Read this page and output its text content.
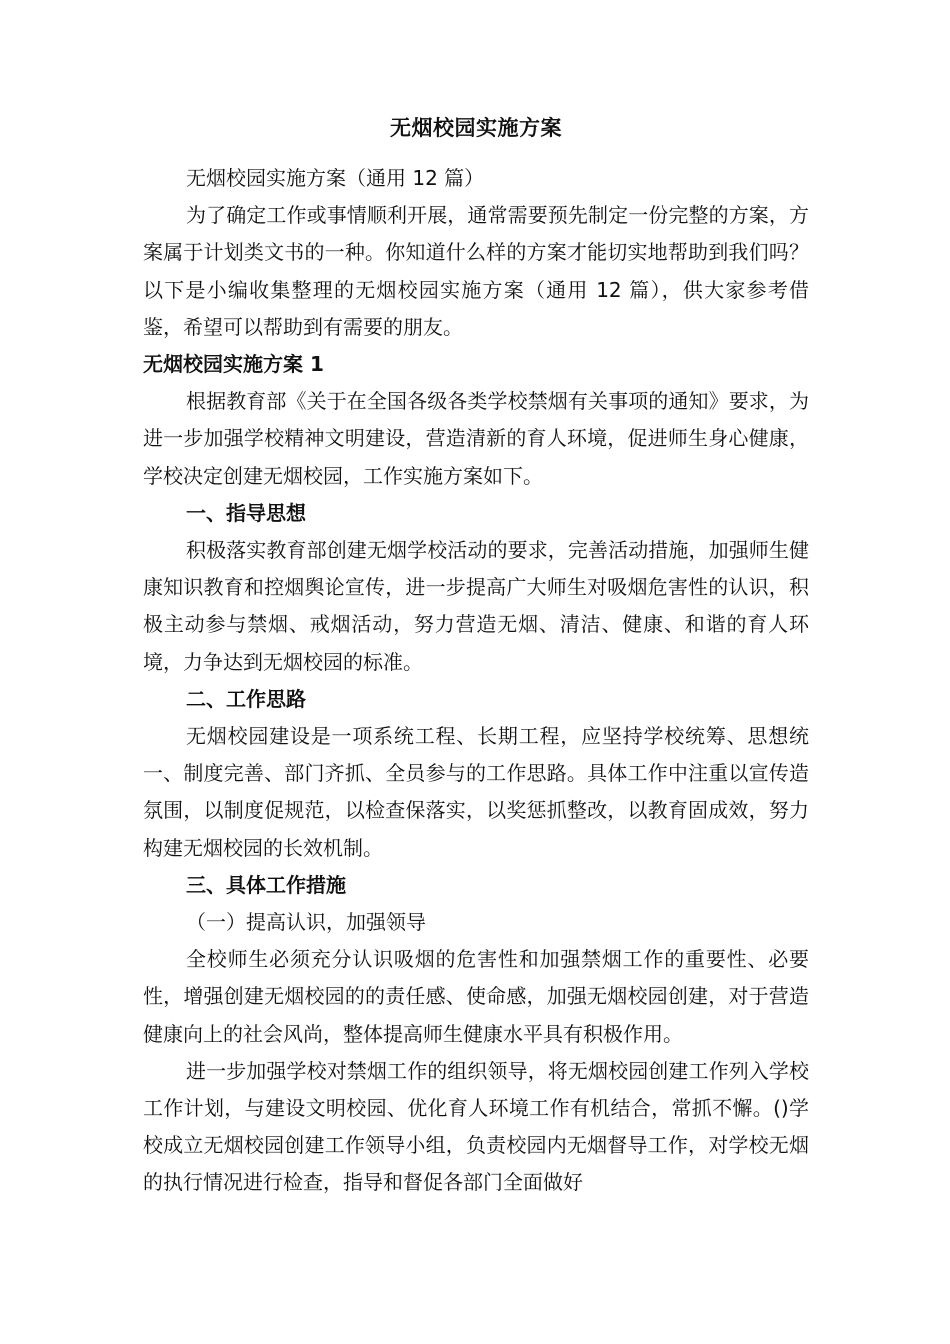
无烟校园实施方案

无烟校园实施方案（通用 12 篇）

为了确定工作或事情顺利开展，通常需要预先制定一份完整的方案，方案属于计划类文书的一种。你知道什么样的方案才能切实地帮助到我们吗？以下是小编收集整理的无烟校园实施方案（通用 12 篇），供大家参考借鉴，希望可以帮助到有需要的朋友。

无烟校园实施方案 1

根据教育部《关于在全国各级各类学校禁烟有关事项的通知》要求，为进一步加强学校精神文明建设，营造清新的育人环境，促进师生身心健康，学校决定创建无烟校园，工作实施方案如下。

一、指导思想

积极落实教育部创建无烟学校活动的要求，完善活动措施，加强师生健康知识教育和控烟舆论宣传，进一步提高广大师生对吸烟危害性的认识，积极主动参与禁烟、戒烟活动，努力营造无烟、清洁、健康、和谐的育人环境，力争达到无烟校园的标准。

二、工作思路

无烟校园建设是一项系统工程、长期工程，应坚持学校统筹、思想统一、制度完善、部门齐抓、全员参与的工作思路。具体工作中注重以宣传造氛围，以制度促规范，以检查保落实，以奖惩抓整改，以教育固成效，努力构建无烟校园的长效机制。

三、具体工作措施

（一）提高认识，加强领导

全校师生必须充分认识吸烟的危害性和加强禁烟工作的重要性、必要性，增强创建无烟校园的的责任感、使命感，加强无烟校园创建，对于营造健康向上的社会风尚，整体提高师生健康水平具有积极作用。

进一步加强学校对禁烟工作的组织领导，将无烟校园创建工作列入学校工作计划，与建设文明校园、优化育人环境工作有机结合，常抓不懈。()学校成立无烟校园创建工作领导小组，负责校园内无烟督导工作，对学校无烟的执行情况进行检查，指导和督促各部门全面做好
